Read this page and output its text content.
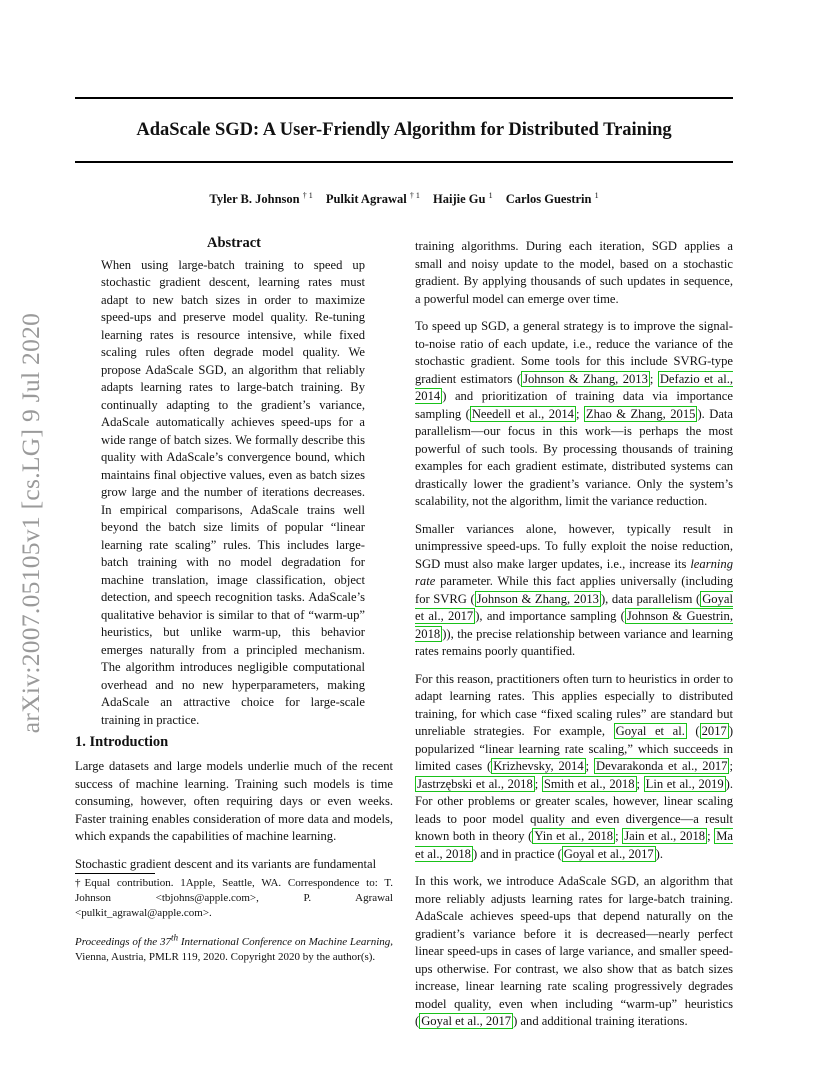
AdaScale SGD: A User-Friendly Algorithm for Distributed Training
Tyler B. Johnson $^{\dagger 1}$ Pulkit Agrawal $^{\dagger 1}$ Haijie Gu $^1$ Carlos Guestrin $^1$
arXiv:2007.05105v1 [cs.LG] 9 Jul 2020
Abstract
When using large-batch training to speed up stochastic gradient descent, learning rates must adapt to new batch sizes in order to maximize speed-ups and preserve model quality. Re-tuning learning rates is resource intensive, while fixed scaling rules often degrade model quality. We propose AdaScale SGD, an algorithm that reliably adapts learning rates to large-batch training. By continually adapting to the gradient’s variance, AdaScale automatically achieves speed-ups for a wide range of batch sizes. We formally describe this quality with AdaScale’s convergence bound, which maintains final objective values, even as batch sizes grow large and the number of iterations decreases. In empirical comparisons, AdaScale trains well beyond the batch size limits of popular “linear learning rate scaling” rules. This includes large-batch training with no model degradation for machine translation, image classification, object detection, and speech recognition tasks. AdaScale’s qualitative behavior is similar to that of “warm-up” heuristics, but unlike warm-up, this behavior emerges naturally from a principled mechanism. The algorithm introduces negligible computational overhead and no new hyperparameters, making AdaScale an attractive choice for large-scale training in practice.
1. Introduction

Large datasets and large models underlie much of the recent success of machine learning. Training such models is time consuming, however, often requiring days or even weeks. Faster training enables consideration of more data and models, which expands the capabilities of machine learning.

Stochastic gradient descent and its variants are fundamental

†Equal contribution. 1Apple, Seattle, WA. Correspondence to: T. Johnson <tbjohns@apple.com>, P. Agrawal <pulkit_agrawal@apple.com>.
Proceedings of the 37th International Conference on Machine Learning, Vienna, Austria, PMLR 119, 2020. Copyright 2020 by the author(s).

training algorithms. During each iteration, SGD applies a small and noisy update to the model, based on a stochastic gradient. By applying thousands of such updates in sequence, a powerful model can emerge over time.

To speed up SGD, a general strategy is to improve the signal-to-noise ratio of each update, i.e., reduce the variance of the stochastic gradient. Some tools for this include SVRG-type gradient estimators ( Johnson & Zhang, 2013 ; Defazio et al., 2014 ) and prioritization of training data via importance sampling ( Needell et al., 2014 ; Zhao & Zhang, 2015 ). Data parallelism—our focus in this work—is perhaps the most powerful of such tools. By processing thousands of training examples for each gradient estimate, distributed systems can drastically lower the gradient’s variance. Only the system’s scalability, not the algorithm, limit the variance reduction.

Smaller variances alone, however, typically result in unimpressive speed-ups. To fully exploit the noise reduction, SGD must also make larger updates, i.e., increase its learning rate parameter. While this fact applies universally (including for SVRG ( Johnson & Zhang, 2013 ), data parallelism ( Goyal et al., 2017 ), and importance sampling ( Johnson & Guestrin, 2018 )), the precise relationship between variance and learning rates remains poorly quantified.

For this reason, practitioners often turn to heuristics in order to adapt learning rates. This applies especially to distributed training, for which case “fixed scaling rules” are standard but unreliable strategies. For example, Goyal et al. ( 2017 ) popularized “linear learning rate scaling,” which succeeds in limited cases ( Krizhevsky, 2014 ; Devarakonda et al., 2017 ; Jastrzębski et al., 2018 ; Smith et al., 2018 ; Lin et al., 2019 ). For other problems or greater scales, however, linear scaling leads to poor model quality and even divergence—a result known both in theory ( Yin et al., 2018 ; Jain et al., 2018 ; Ma et al., 2018 ) and in practice ( Goyal et al., 2017 ).

In this work, we introduce AdaScale SGD, an algorithm that more reliably adjusts learning rates for large-batch training. AdaScale achieves speed-ups that depend naturally on the gradient’s variance before it is decreased—nearly perfect linear speed-ups in cases of large variance, and smaller speed-ups otherwise. For contrast, we also show that as batch sizes increase, linear learning rate scaling progressively degrades model quality, even when including “warm-up” heuristics ( Goyal et al., 2017 ) and additional training iterations.
